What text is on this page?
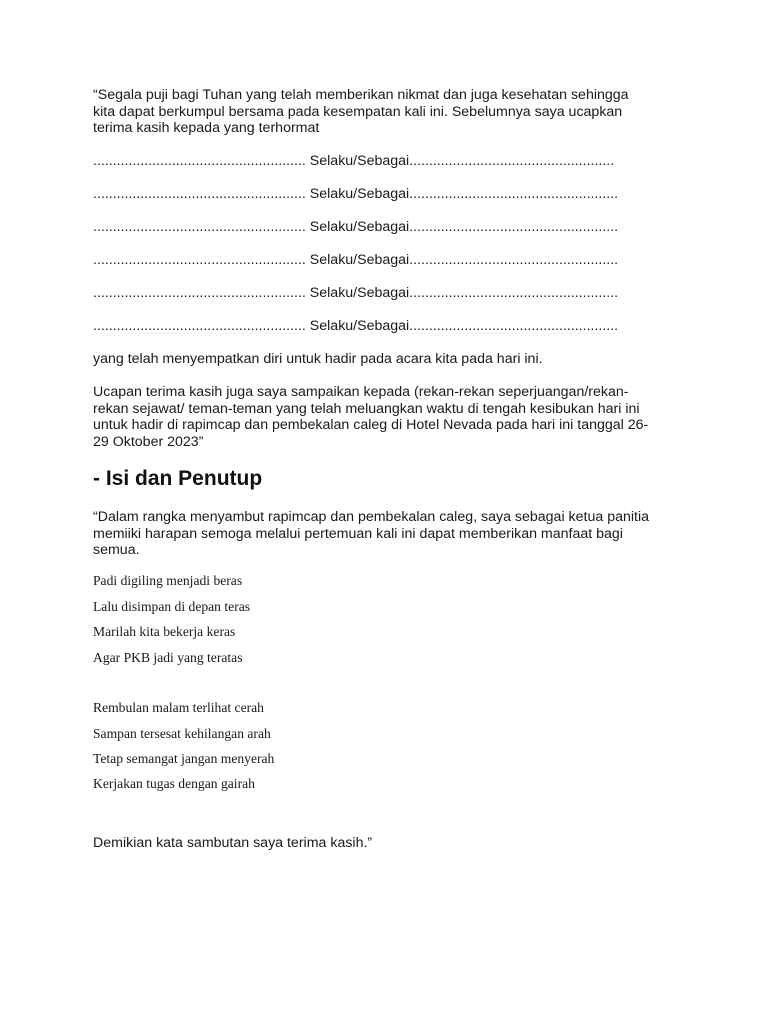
“Segala puji bagi Tuhan yang telah memberikan nikmat dan juga kesehatan sehingga
kita dapat berkumpul bersama pada kesempatan kali ini. Sebelumnya saya ucapkan
terima kasih kepada yang terhormat

...................................................... Selaku/Sebagai....................................................

...................................................... Selaku/Sebagai.....................................................

...................................................... Selaku/Sebagai.....................................................

...................................................... Selaku/Sebagai.....................................................

...................................................... Selaku/Sebagai.....................................................

...................................................... Selaku/Sebagai.....................................................

yang telah menyempatkan diri untuk hadir pada acara kita pada hari ini.

Ucapan terima kasih juga saya sampaikan kepada (rekan-rekan seperjuangan/rekan-
rekan sejawat/ teman-teman yang telah meluangkan waktu di tengah kesibukan hari ini
untuk hadir di rapimcap dan pembekalan caleg di Hotel Nevada pada hari ini tanggal 26-
29 Oktober 2023”

- Isi dan Penutup

“Dalam rangka menyambut rapimcap dan pembekalan caleg, saya sebagai ketua panitia
memiiki harapan semoga melalui pertemuan kali ini dapat memberikan manfaat bagi
semua.

Padi digiling menjadi beras

Lalu disimpan di depan teras

Marilah kita bekerja keras

Agar PKB jadi yang teratas

Rembulan malam terlihat cerah

Sampan tersesat kehilangan arah

Tetap semangat jangan menyerah

Kerjakan tugas dengan gairah

Demikian kata sambutan saya terima kasih.”
